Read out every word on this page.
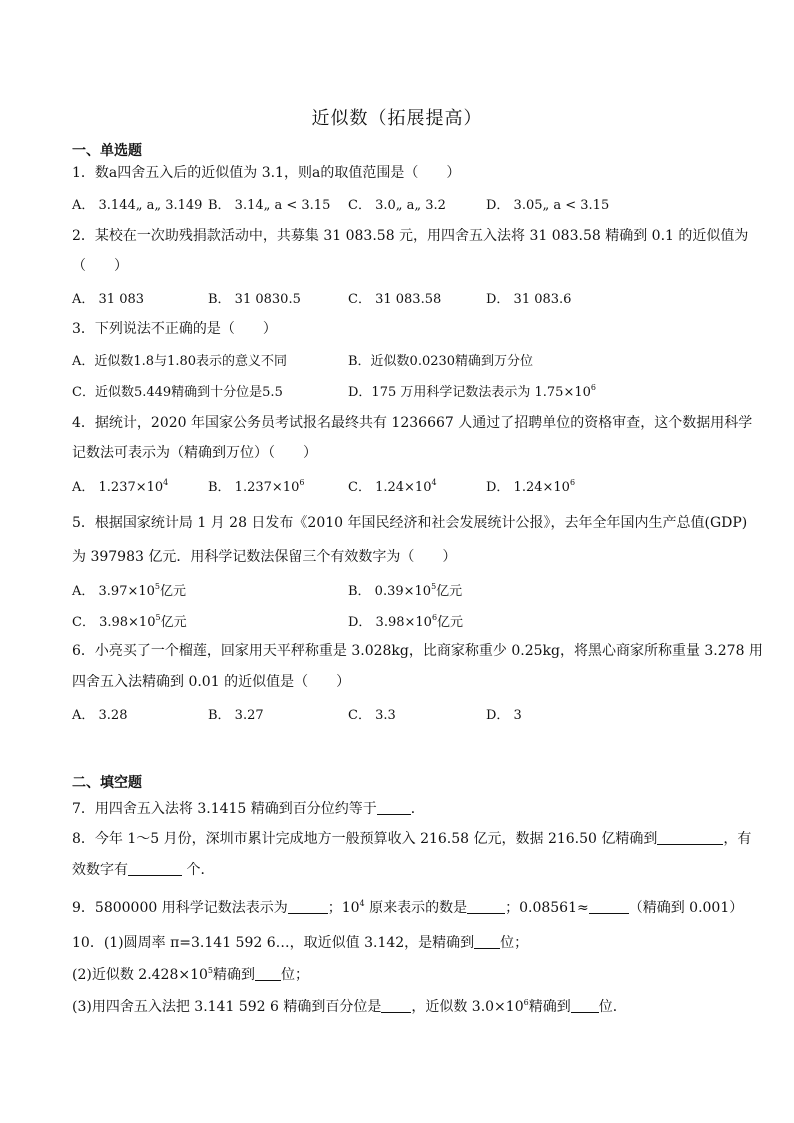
近似数（拓展提高）
一、单选题
1．数a四舍五入后的近似值为 3.1，则a的取值范围是（　　）
A． 3.144„ a„ 3.149 B． 3.14„ a < 3.15 C． 3.0„ a„ 3.2	D． 3.05„ a < 3.15
2．某校在一次助残捐款活动中，共募集 31 083.58 元，用四舍五入法将 31 083.58 精确到 0.1 的近似值为
（　　）
A． 31 083	B． 31 0830.5	C． 31 083.58	D． 31 083.6
3．下列说法不正确的是（　　）
A．近似数1.8与1.80表示的意义不同	B．近似数0.0230精确到万分位
C．近似数5.449精确到十分位是5.5	D．175 万用科学记数法表示为 $1.75\times 10^6$
4．据统计，2020 年国家公务员考试报名最终共有 1236667 人通过了招聘单位的资格审查，这个数据用科学
记数法可表示为（精确到万位）（　　）
A． $1.237\times 10^4$	B． $1.237\times 10^6$	C． $1.24\times 10^4$	D． $1.24\times 10^6$
5．根据国家统计局 1 月 28 日发布《2010 年国民经济和社会发展统计公报》，去年全年国内生产总值(GDP)
为 397983 亿元．用科学记数法保留三个有效数字为（　　）
A． $3.97\times 10^5$亿元	B． $0.39\times 10^5$亿元
C． $3.98\times 10^5$亿元	D． $3.98\times 10^6$亿元
6．小亮买了一个榴莲，回家用天平秤称重是 3.028kg，比商家称重少 0.25kg，将黑心商家所称重量 3.278 用
四舍五入法精确到 0.01 的近似值是（　　）
A． 3.28	B． 3.27	C． 3.3	D． 3
二、填空题
7．用四舍五入法将 3.1415 精确到百分位约等于 ．
8．今年 1～5 月份，深圳市累计完成地方一般预算收入 216.58 亿元，数据 216.50 亿精确到	，有
效数字有	个．
9．5800000 用科学记数法表示为	；$10^4$ 原来表示的数是	；0.08561≈	（精确到 0.001）
10．(1)圆周率 π=3.141 592 6…，取近似值 3.142，是精确到 位；
(2)近似数 $2.428\times 10^5$精确到 位；
(3)用四舍五入法把 3.141 592 6 精确到百分位是 ，近似数 $3.0\times 10^6$精确到 位．
